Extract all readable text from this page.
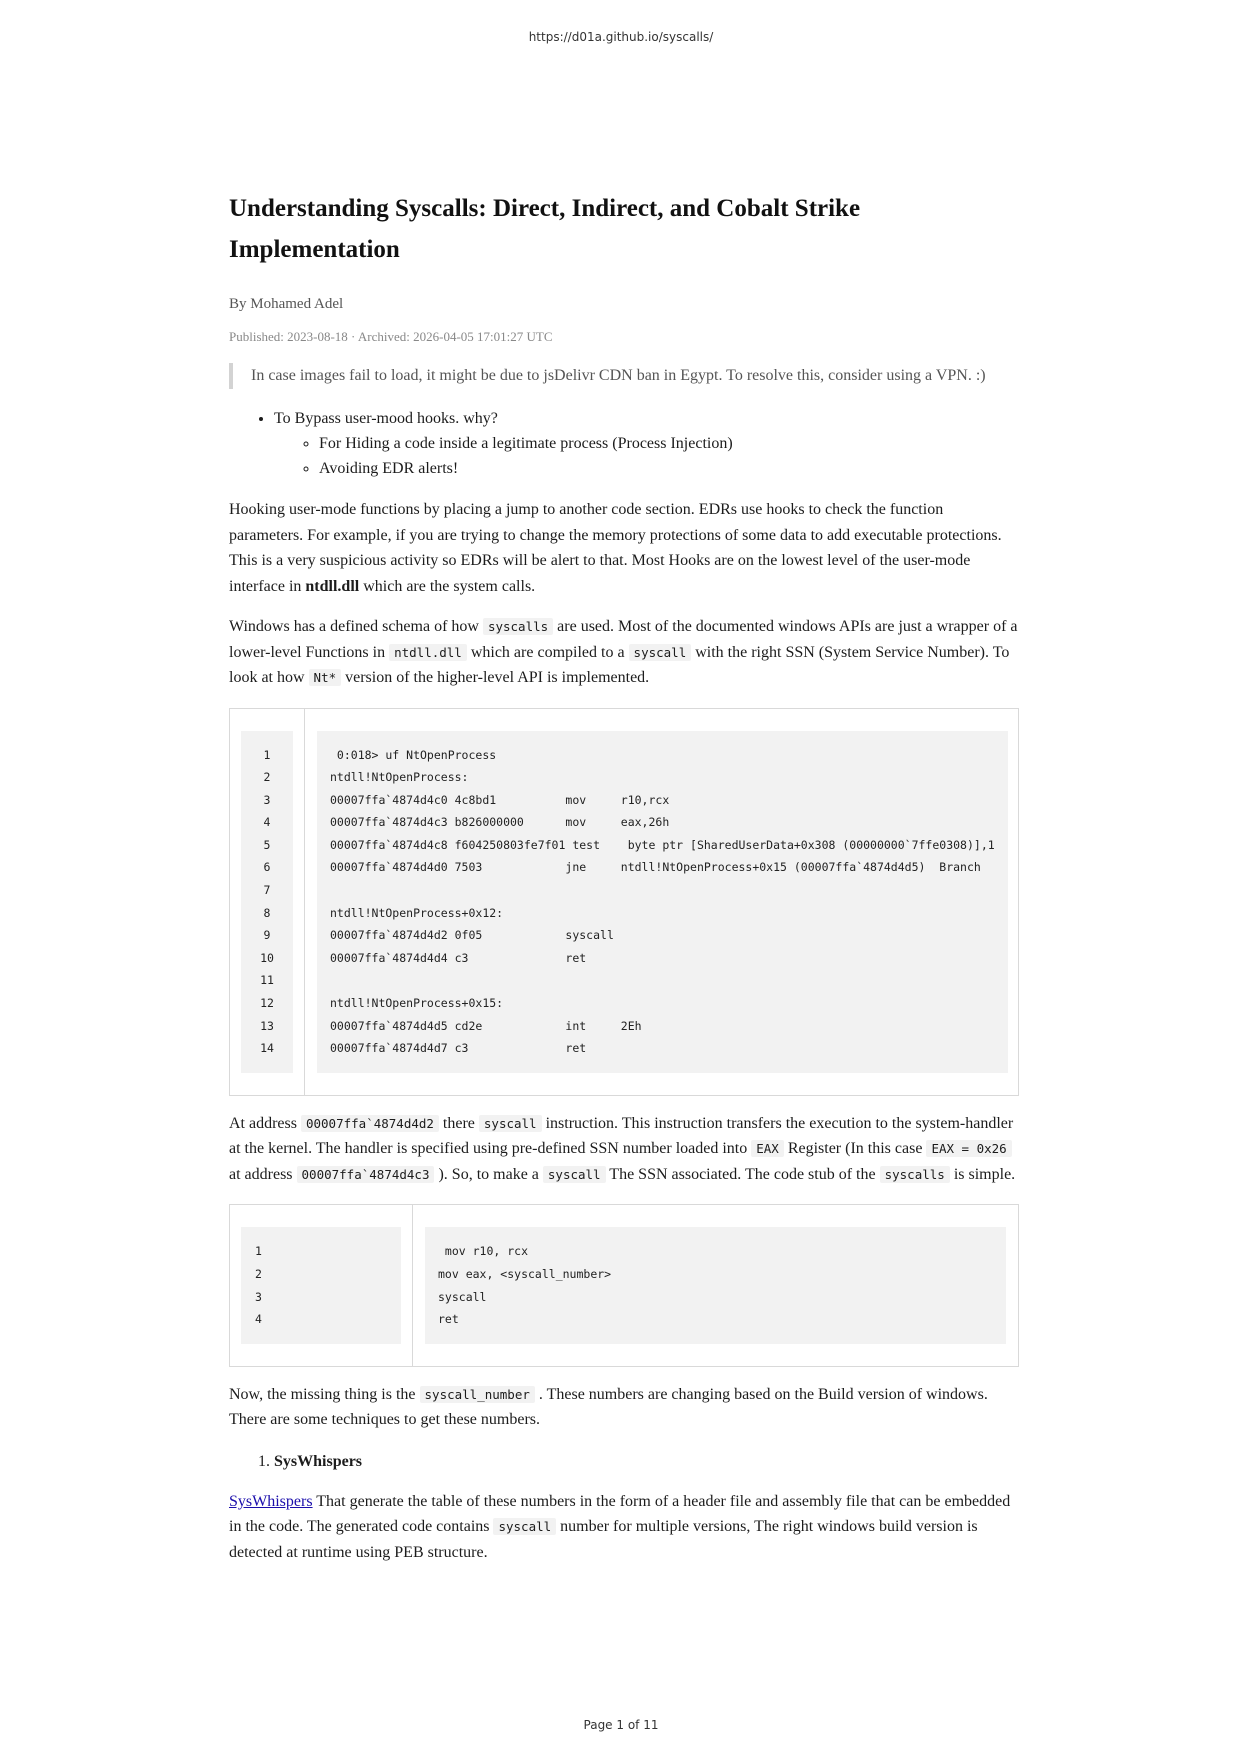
https://d01a.github.io/syscalls/
Understanding Syscalls: Direct, Indirect, and Cobalt Strike Implementation
By Mohamed Adel
Published: 2023-08-18 · Archived: 2026-04-05 17:01:27 UTC
In case images fail to load, it might be due to jsDelivr CDN ban in Egypt. To resolve this, consider using a VPN. :)
• To Bypass user-mood hooks. why?
◦ For Hiding a code inside a legitimate process (Process Injection)
◦ Avoiding EDR alerts!

Hooking user-mode functions by placing a jump to another code section. EDRs use hooks to check the function parameters. For example, if you are trying to change the memory protections of some data to add executable protections. This is a very suspicious activity so EDRs will be alert to that. Most Hooks are on the lowest level of the user-mode interface in ntdll.dll which are the system calls.

Windows has a defined schema of how syscalls are used. Most of the documented windows APIs are just a wrapper of a lower-level Functions in ntdll.dll which are compiled to a syscall with the right SSN (System Service Number). To look at how Nt* version of the higher-level API is implemented.

1
2
3
4
5
6
7
8
9
10
11
12
13
14
0:018> uf NtOpenProcess
ntdll!NtOpenProcess:
00007ffa`4874d4c0 4c8bd1          mov     r10,rcx
00007ffa`4874d4c3 b826000000      mov     eax,26h
00007ffa`4874d4c8 f604250803fe7f01 test    byte ptr [SharedUserData+0x308 (00000000`7ffe0308)],1
00007ffa`4874d4d0 7503            jne     ntdll!NtOpenProcess+0x15 (00007ffa`4874d4d5)  Branch

ntdll!NtOpenProcess+0x12:
00007ffa`4874d4d2 0f05            syscall
00007ffa`4874d4d4 c3              ret

ntdll!NtOpenProcess+0x15:
00007ffa`4874d4d5 cd2e            int     2Eh
00007ffa`4874d4d7 c3              ret

At address 00007ffa`4874d4d2 there syscall instruction. This instruction transfers the execution to the system-handler at the kernel. The handler is specified using pre-defined SSN number loaded into EAX Register (In this case EAX = 0x26 at address 00007ffa`4874d4c3 ). So, to make a syscall The SSN associated. The code stub of the syscalls is simple.

1
2
3
4
mov r10, rcx
mov eax, <syscall_number>
syscall
ret

Now, the missing thing is the syscall_number . These numbers are changing based on the Build version of windows. There are some techniques to get these numbers.

1. SysWhispers

SysWhispers That generate the table of these numbers in the form of a header file and assembly file that can be embedded in the code. The generated code contains syscall number for multiple versions, The right windows build version is detected at runtime using PEB structure.

Page 1 of 11
